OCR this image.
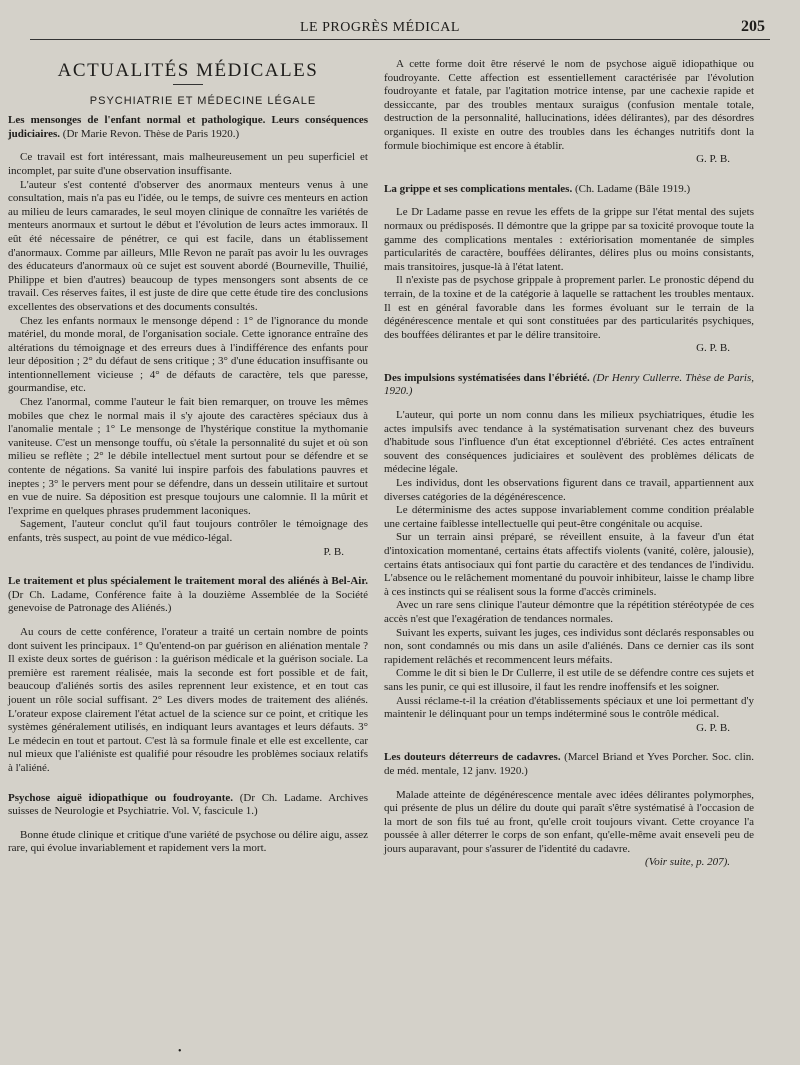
LE PROGRÈS MÉDICAL	205
ACTUALITÉS MÉDICALES
PSYCHIATRIE ET MÉDECINE LÉGALE

Les mensonges de l'enfant normal et pathologique. Leurs conséquences judiciaires. (Dr Marie Revon. Thèse de Paris 1920.)

Ce travail est fort intéressant, mais malheureusement un peu superficiel et incomplet, par suite d'une observation insuffisante.

L'auteur s'est contenté d'observer des anormaux menteurs venus à une consultation, mais n'a pas eu l'idée, ou le temps, de suivre ces menteurs en action au milieu de leurs camarades, le seul moyen clinique de connaître les variétés de menteurs anormaux et surtout le début et l'évolution de leurs actes immoraux. Il eût été nécessaire de pénétrer, ce qui est facile, dans un établissement d'anormaux. Comme par ailleurs, Mlle Revon ne paraît pas avoir lu les ouvrages des éducateurs d'anormaux où ce sujet est souvent abordé (Bourneville, Thuilié, Philippe et bien d'autres) beaucoup de types mensongers sont absents de ce travail. Ces réserves faites, il est juste de dire que cette étude tire des conclusions excellentes des observations et des documents consultés.

Chez les enfants normaux le mensonge dépend : 1° de l'ignorance du monde matériel, du monde moral, de l'organisation sociale. Cette ignorance entraîne des altérations du témoignage et des erreurs dues à l'indifférence des enfants pour leur déposition ; 2° du défaut de sens critique ; 3° d'une éducation insuffisante ou intentionnellement vicieuse ; 4° de défauts de caractère, tels que paresse, gourmandise, etc.

Chez l'anormal, comme l'auteur le fait bien remarquer, on trouve les mêmes mobiles que chez le normal mais il s'y ajoute des caractères spéciaux dus à l'anomalie mentale ; 1° Le mensonge de l'hystérique constitue la mythomanie vaniteuse. C'est un mensonge touffu, où s'étale la personnalité du sujet et où son milieu se reflète ; 2° le débile intellectuel ment surtout pour se défendre et se contente de négations. Sa vanité lui inspire parfois des fabulations pauvres et ineptes ; 3° le pervers ment pour se défendre, dans un dessein utilitaire et surtout en vue de nuire. Sa déposition est presque toujours une calomnie. Il la mûrit et l'exprime en quelques phrases prudemment laconiques.

Sagement, l'auteur conclut qu'il faut toujours contrôler le témoignage des enfants, très suspect, au point de vue médico-légal.

P. B.

Le traitement et plus spécialement le traitement moral des aliénés à Bel-Air. (Dr Ch. Ladame, Conférence faite à la douzième Assemblée de la Société genevoise de Patronage des Aliénés.)

Au cours de cette conférence, l'orateur a traité un certain nombre de points dont suivent les principaux. 1° Qu'entend-on par guérison en aliénation mentale ? Il existe deux sortes de guérison : la guérison médicale et la guérison sociale. La première est rarement réalisée, mais la seconde est fort possible et de fait, beaucoup d'aliénés sortis des asiles reprennent leur existence, et en tout cas jouent un rôle social suffisant. 2° Les divers modes de traitement des aliénés. L'orateur expose clairement l'état actuel de la science sur ce point, et critique les systèmes généralement utilisés, en indiquant leurs avantages et leurs défauts. 3° Le médecin en tout et partout. C'est là sa formule finale et elle est excellente, car nul mieux que l'aliéniste est qualifié pour résoudre les problèmes sociaux relatifs à l'aliéné.

Psychose aiguë idiopathique ou foudroyante. (Dr Ch. Ladame. Archives suisses de Neurologie et Psychiatrie. Vol. V, fascicule 1.)

Bonne étude clinique et critique d'une variété de psychose ou délire aigu, assez rare, qui évolue invariablement et rapidement vers la mort.

A cette forme doit être réservé le nom de psychose aiguë idiopathique ou foudroyante. Cette affection est essentiellement caractérisée par l'évolution foudroyante et fatale, par l'agitation motrice intense, par une cachexie rapide et dessiccante, par des troubles mentaux suraigus (confusion mentale totale, destruction de la personnalité, hallucinations, idées délirantes), par des désordres organiques. Il existe en outre des troubles dans les échanges nutritifs dont la formule biochimique est encore à établir.

G. P. B.

La grippe et ses complications mentales. (Ch. Ladame (Bâle 1919.)

Le Dr Ladame passe en revue les effets de la grippe sur l'état mental des sujets normaux ou prédisposés. Il démontre que la grippe par sa toxicité provoque toute la gamme des complications mentales : extériorisation momentanée de simples particularités de caractère, bouffées délirantes, délires plus ou moins consistants, mais transitoires, jusque-là à l'état latent.

Il n'existe pas de psychose grippale à proprement parler. Le pronostic dépend du terrain, de la toxine et de la catégorie à laquelle se rattachent les troubles mentaux. Il est en général favorable dans les formes évoluant sur le terrain de la dégénérescence mentale et qui sont constituées par des particularités psychiques, des bouffées délirantes et par le délire transitoire.

G. P. B.

Des impulsions systématisées dans l'ébriété. (Dr Henry Cullerre. Thèse de Paris, 1920.)

L'auteur, qui porte un nom connu dans les milieux psychiatriques, étudie les actes impulsifs avec tendance à la systématisation survenant chez des buveurs d'habitude sous l'influence d'un état exceptionnel d'ébriété. Ces actes entraînent souvent des conséquences judiciaires et soulèvent des problèmes délicats de médecine légale.

Les individus, dont les observations figurent dans ce travail, appartiennent aux diverses catégories de la dégénérescence.

Le déterminisme des actes suppose invariablement comme condition préalable une certaine faiblesse intellectuelle qui peut-être congénitale ou acquise.

Sur un terrain ainsi préparé, se réveillent ensuite, à la faveur d'un état d'intoxication momentané, certains états affectifs violents (vanité, colère, jalousie), certains états antisociaux qui font partie du caractère et des tendances de l'individu. L'absence ou le relâchement momentané du pouvoir inhibiteur, laisse le champ libre à ces instincts qui se réalisent sous la forme d'accès criminels.

Avec un rare sens clinique l'auteur démontre que la répétition stéréotypée de ces accès n'est que l'exagération de tendances normales.

Suivant les experts, suivant les juges, ces individus sont déclarés responsables ou non, sont condamnés ou mis dans un asile d'aliénés. Dans ce dernier cas ils sont rapidement relâchés et recommencent leurs méfaits.

Comme le dit si bien le Dr Cullerre, il est utile de se défendre contre ces sujets et sans les punir, ce qui est illusoire, il faut les rendre inoffensifs et les soigner.

Aussi réclame-t-il la création d'établissements spéciaux et une loi permettant d'y maintenir le délinquant pour un temps indéterminé sous le contrôle médical.

G. P. B.

Les douteurs déterreurs de cadavres. (Marcel Briand et Yves Porcher. Soc. clin. de méd. mentale, 12 janv. 1920.)

Malade atteinte de dégénérescence mentale avec idées délirantes polymorphes, qui présente de plus un délire du doute qui paraît s'être systématisé à l'occasion de la mort de son fils tué au front, qu'elle croit toujours vivant. Cette croyance l'a poussée à aller déterrer le corps de son enfant, qu'elle-même avait enseveli peu de jours auparavant, pour s'assurer de l'identité du cadavre.

(Voir suite, p. 207).

•
